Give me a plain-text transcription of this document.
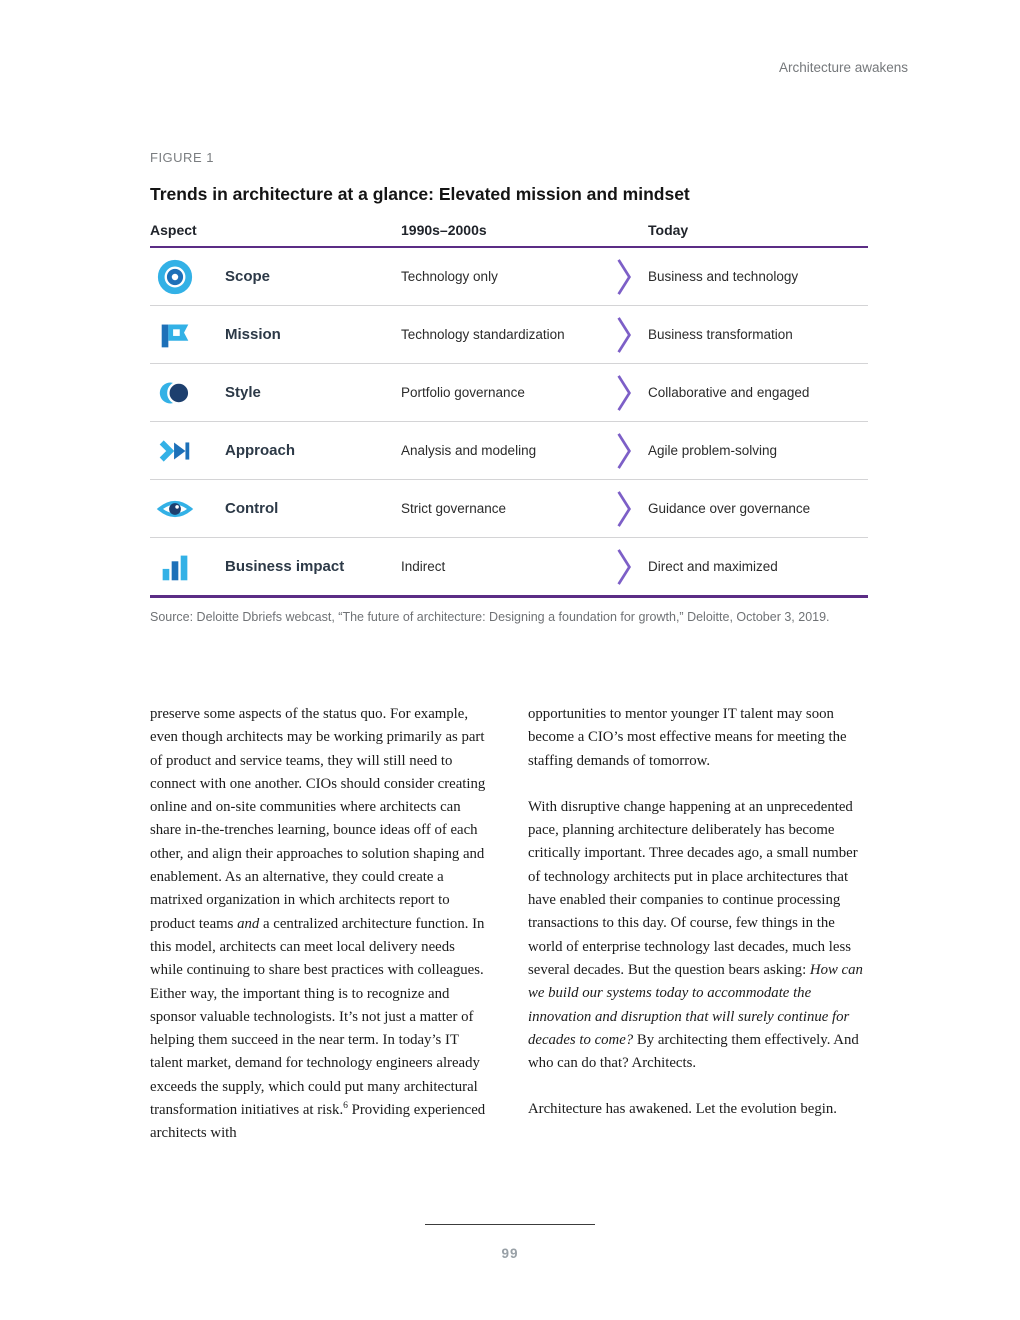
Architecture awakens
FIGURE 1
Trends in architecture at a glance: Elevated mission and mindset
Aspect	1990s–2000s	Today
Scope	Technology only	Business and technology
Mission	Technology standardization	Business transformation
Style	Portfolio governance	Collaborative and engaged
Approach	Analysis and modeling	Agile problem-solving
Control	Strict governance	Guidance over governance
Business impact	Indirect	Direct and maximized
Source: Deloitte Dbriefs webcast, “The future of architecture: Designing a foundation for growth,” Deloitte, October 3, 2019.

preserve some aspects of the status quo. For example, even though architects may be working primarily as part of product and service teams, they will still need to connect with one another. CIOs should consider creating online and on-site communities where architects can share in-the-trenches learning, bounce ideas off of each other, and align their approaches to solution shaping and enablement. As an alternative, they could create a matrixed organization in which architects report to product teams and a centralized architecture function. In this model, architects can meet local delivery needs while continuing to share best practices with colleagues. Either way, the important thing is to recognize and sponsor valuable technologists. It’s not just a matter of helping them succeed in the near term. In today’s IT talent market, demand for technology engineers already exceeds the supply, which could put many architectural transformation initiatives at risk.$^6$ Providing experienced architects with

opportunities to mentor younger IT talent may soon become a CIO’s most effective means for meeting the staffing demands of tomorrow.

With disruptive change happening at an unprecedented pace, planning architecture deliberately has become critically important. Three decades ago, a small number of technology architects put in place architectures that have enabled their companies to continue processing transactions to this day. Of course, few things in the world of enterprise technology last decades, much less several decades. But the question bears asking: How can we build our systems today to accommodate the innovation and disruption that will surely continue for decades to come? By architecting them effectively. And who can do that? Architects.

Architecture has awakened. Let the evolution begin.

99
